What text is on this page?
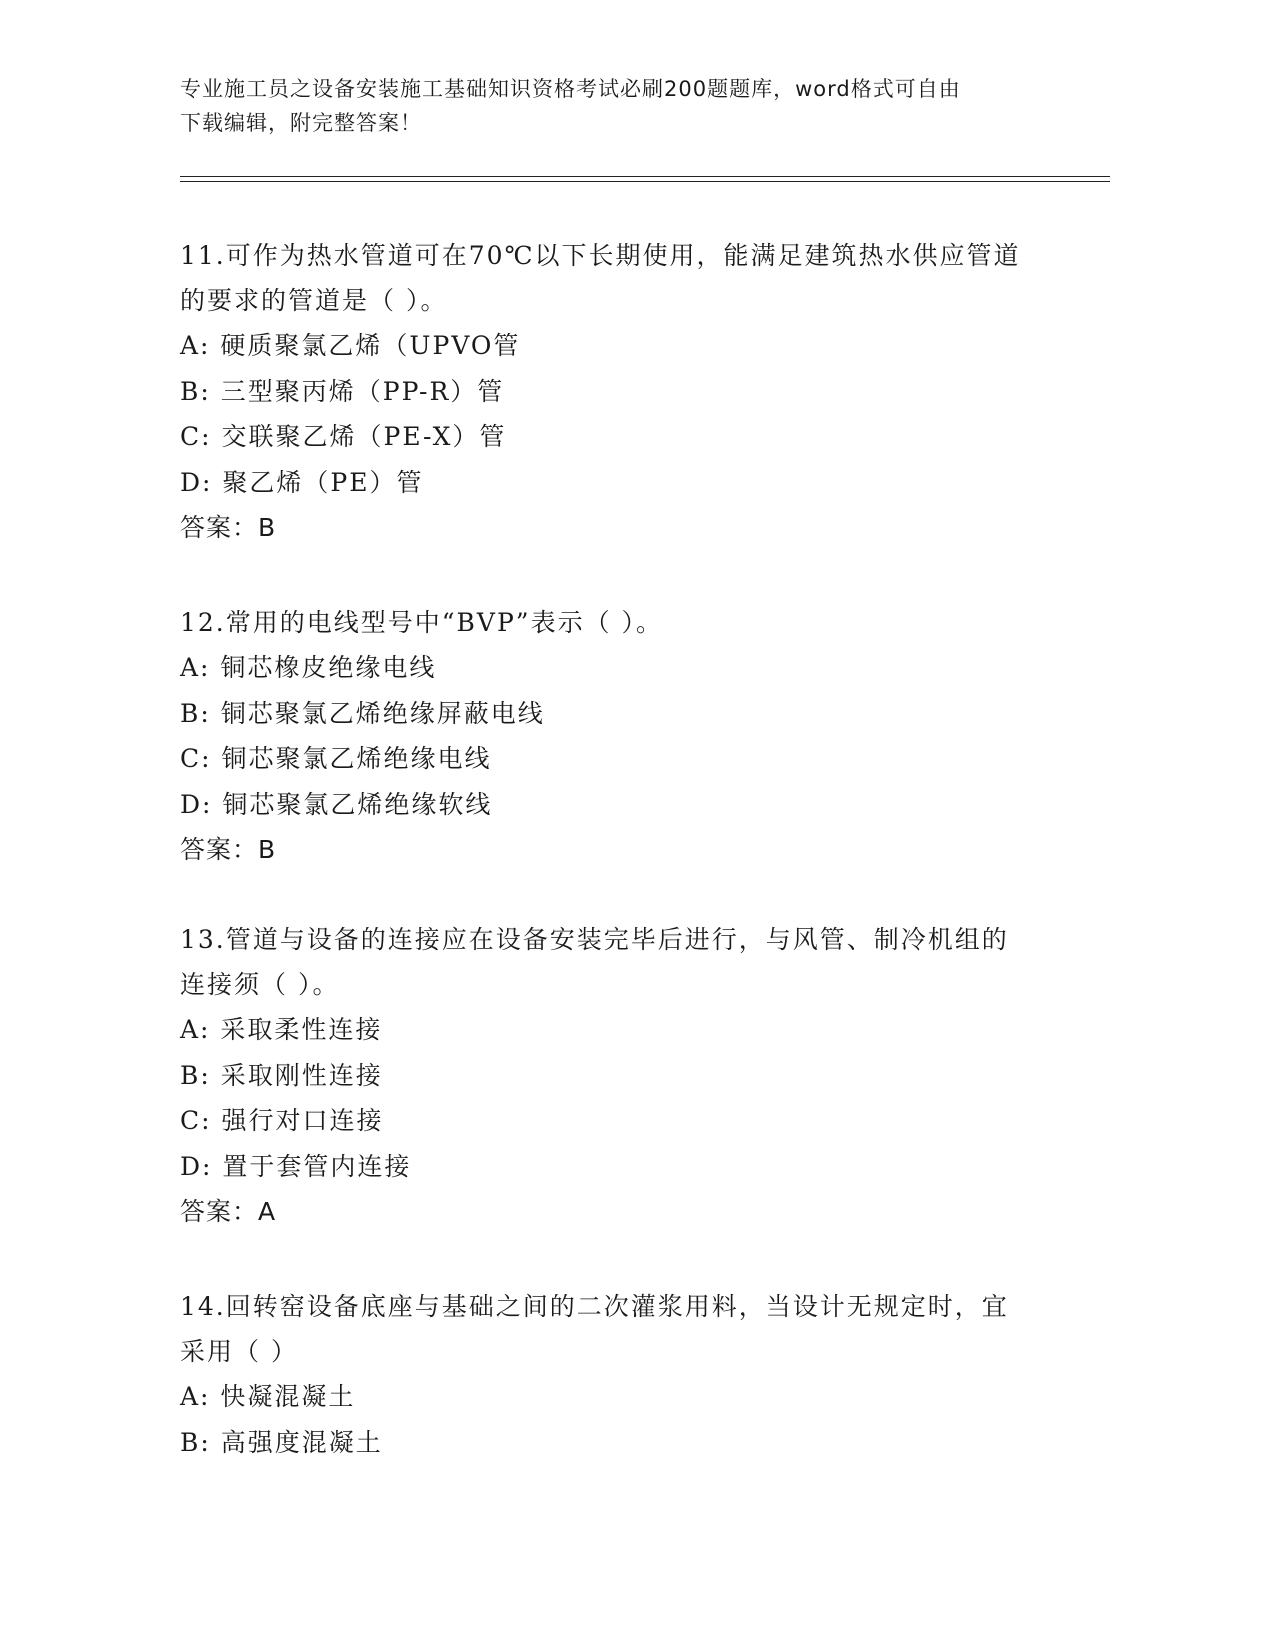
专业施工员之设备安装施工基础知识资格考试必刷200题题库，word格式可自由
下载编辑，附完整答案！
11.可作为热水管道可在70℃以下长期使用，能满足建筑热水供应管道
的要求的管道是（ ）。
A: 硬质聚氯乙烯（UPVO管
B: 三型聚丙烯（PP-R）管
C: 交联聚乙烯（PE-X）管
D: 聚乙烯（PE）管
答案：B
12.常用的电线型号中“BVP”表示（ ）。
A: 铜芯橡皮绝缘电线
B: 铜芯聚氯乙烯绝缘屏蔽电线
C: 铜芯聚氯乙烯绝缘电线
D: 铜芯聚氯乙烯绝缘软线
答案：B
13.管道与设备的连接应在设备安装完毕后进行，与风管、制冷机组的
连接须（ ）。
A: 采取柔性连接
B: 采取刚性连接
C: 强行对口连接
D: 置于套管内连接
答案：A
14.回转窑设备底座与基础之间的二次灌浆用料，当设计无规定时，宜
采用（ ）
A: 快凝混凝土
B: 高强度混凝土
